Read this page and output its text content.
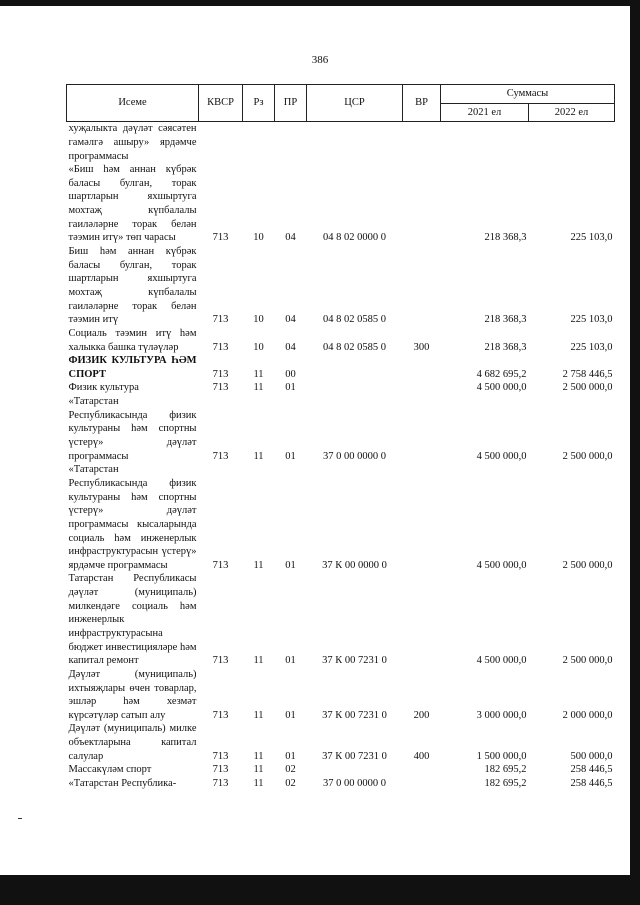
386
Исеме	КВСР	Рз	ПР	ЦСР	ВР	Суммасы	
						2021 ел	2022 ел
хуҗалыкта дәүләт сәясәтен гамәлгә ашыру» ярдәмче программасы							
«Биш һәм аннан күбрәк баласы булган, торак шартларын яхшыртуга мохтаҗ күпбалалы гаиләләрне торак белән тәэмин итү» төп чарасы	713	10	04	04 8 02 0000 0		218 368,3	225 103,0
Биш һәм аннан күбрәк баласы булган, торак шартларын яхшыртуга мохтаҗ күпбалалы гаиләләрне торак белән тәэмин итү	713	10	04	04 8 02 0585 0		218 368,3	225 103,0
Социаль тәэмин итү һәм халыкка башка түләүләр	713	10	04	04 8 02 0585 0	300	218 368,3	225 103,0
ФИЗИК КУЛЬТУРА ҺӘМ СПОРТ	713	11	00			4 682 695,2	2 758 446,5
Физик культура	713	11	01			4 500 000,0	2 500 000,0
«Татарстан Республикасында физик культураны һәм спортны үстерү» дәүләт программасы	713	11	01	37 0 00 0000 0		4 500 000,0	2 500 000,0
«Татарстан Республикасында физик культураны һәм спортны үстерү» дәүләт программасы кысаларында социаль һәм инженерлык инфраструктурасын үстерү» ярдәмче программасы	713	11	01	37 К 00 0000 0		4 500 000,0	2 500 000,0
Татарстан Республикасы дәүләт (муниципаль) милкендәге социаль һәм инженерлык инфраструктурасына бюджет инвестицияләре һәм капитал ремонт	713	11	01	37 К 00 7231 0		4 500 000,0	2 500 000,0
Дәүләт (муниципаль) ихтыяҗлары өчен товарлар, эшләр һәм хезмәт күрсәтүләр сатып алу	713	11	01	37 К 00 7231 0	200	3 000 000,0	2 000 000,0
Дәүләт (муниципаль) милке объектларына капитал салулар	713	11	01	37 К 00 7231 0	400	1 500 000,0	500 000,0
Массакүләм спорт	713	11	02			182 695,2	258 446,5
«Татарстан Республика-	713	11	02	37 0 00 0000 0		182 695,2	258 446,5
